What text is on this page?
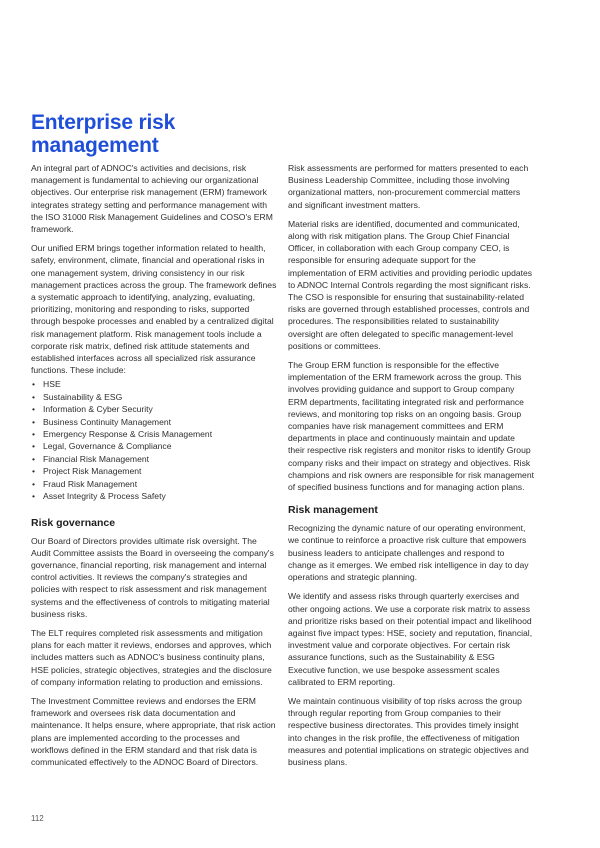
Enterprise risk management

An integral part of ADNOC's activities and decisions, risk management is fundamental to achieving our organizational objectives. Our enterprise risk management (ERM) framework integrates strategy setting and performance management with the ISO 31000 Risk Management Guidelines and COSO's ERM framework.

Our unified ERM brings together information related to health, safety, environment, climate, financial and operational risks in one management system, driving consistency in our risk management practices across the group. The framework defines a systematic approach to identifying, analyzing, evaluating, prioritizing, monitoring and responding to risks, supported through bespoke processes and enabled by a centralized digital risk management platform. Risk management tools include a corporate risk matrix, defined risk attitude statements and established interfaces across all specialized risk assurance functions. These include:

• HSE
• Sustainability & ESG
• Information & Cyber Security
• Business Continuity Management
• Emergency Response & Crisis Management
• Legal, Governance & Compliance
• Financial Risk Management
• Project Risk Management
• Fraud Risk Management
• Asset Integrity & Process Safety
Risk governance

Our Board of Directors provides ultimate risk oversight. The Audit Committee assists the Board in overseeing the company's governance, financial reporting, risk management and internal control activities. It reviews the company's strategies and policies with respect to risk assessment and risk management systems and the effectiveness of controls to mitigating material business risks.

The ELT requires completed risk assessments and mitigation plans for each matter it reviews, endorses and approves, which includes matters such as ADNOC's business continuity plans, HSE policies, strategic objectives, strategies and the disclosure of company information relating to production and emissions.

The Investment Committee reviews and endorses the ERM framework and oversees risk data documentation and maintenance. It helps ensure, where appropriate, that risk action plans are implemented according to the processes and workflows defined in the ERM standard and that risk data is communicated effectively to the ADNOC Board of Directors.

Risk assessments are performed for matters presented to each Business Leadership Committee, including those involving organizational matters, non-procurement commercial matters and significant investment matters.

Material risks are identified, documented and communicated, along with risk mitigation plans. The Group Chief Financial Officer, in collaboration with each Group company CEO, is responsible for ensuring adequate support for the implementation of ERM activities and providing periodic updates to ADNOC Internal Controls regarding the most significant risks. The CSO is responsible for ensuring that sustainability-related risks are governed through established processes, controls and procedures. The responsibilities related to sustainability oversight are often delegated to specific management-level positions or committees.

The Group ERM function is responsible for the effective implementation of the ERM framework across the group. This involves providing guidance and support to Group company ERM departments, facilitating integrated risk and performance reviews, and monitoring top risks on an ongoing basis. Group companies have risk management committees and ERM departments in place and continuously maintain and update their respective risk registers and monitor risks to identify Group company risks and their impact on strategy and objectives. Risk champions and risk owners are responsible for risk management of specified business functions and for managing action plans.

Risk management

Recognizing the dynamic nature of our operating environment, we continue to reinforce a proactive risk culture that empowers business leaders to anticipate challenges and respond to change as it emerges. We embed risk intelligence in day to day operations and strategic planning.

We identify and assess risks through quarterly exercises and other ongoing actions. We use a corporate risk matrix to assess and prioritize risks based on their potential impact and likelihood against five impact types: HSE, society and reputation, financial, investment value and corporate objectives. For certain risk assurance functions, such as the Sustainability & ESG Executive function, we use bespoke assessment scales calibrated to ERM reporting.

We maintain continuous visibility of top risks across the group through regular reporting from Group companies to their respective business directorates. This provides timely insight into changes in the risk profile, the effectiveness of mitigation measures and potential implications on strategic objectives and business plans.

112
